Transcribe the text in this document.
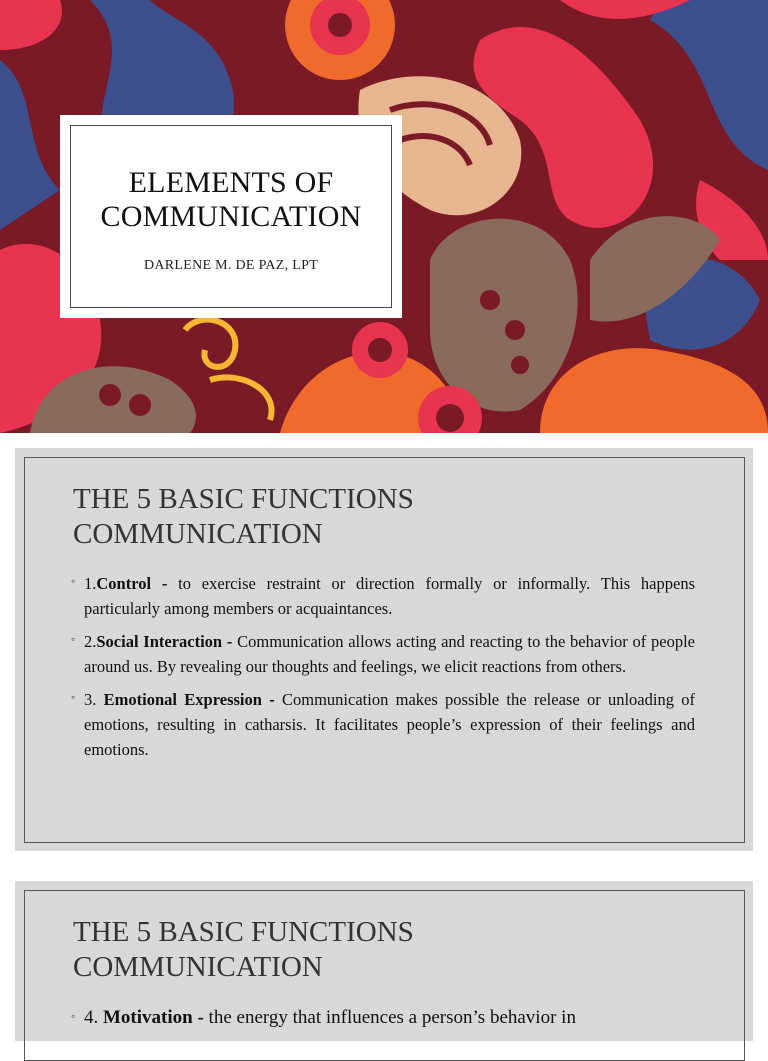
ELEMENTS OF
COMMUNICATION
DARLENE M. DE PAZ, LPT
THE 5 BASIC FUNCTIONS
COMMUNICATION
◦ 1.Control - to exercise restraint or direction formally or informally. This happens particularly among members or acquaintances.
◦ 2.Social Interaction - Communication allows acting and reacting to the behavior of people around us. By revealing our thoughts and feelings, we elicit reactions from others.
◦ 3. Emotional Expression - Communication makes possible the release or unloading of emotions, resulting in catharsis. It facilitates people’s expression of their feelings and emotions.
THE 5 BASIC FUNCTIONS
COMMUNICATION
◦ 4. Motivation - the energy that influences a person’s behavior in
